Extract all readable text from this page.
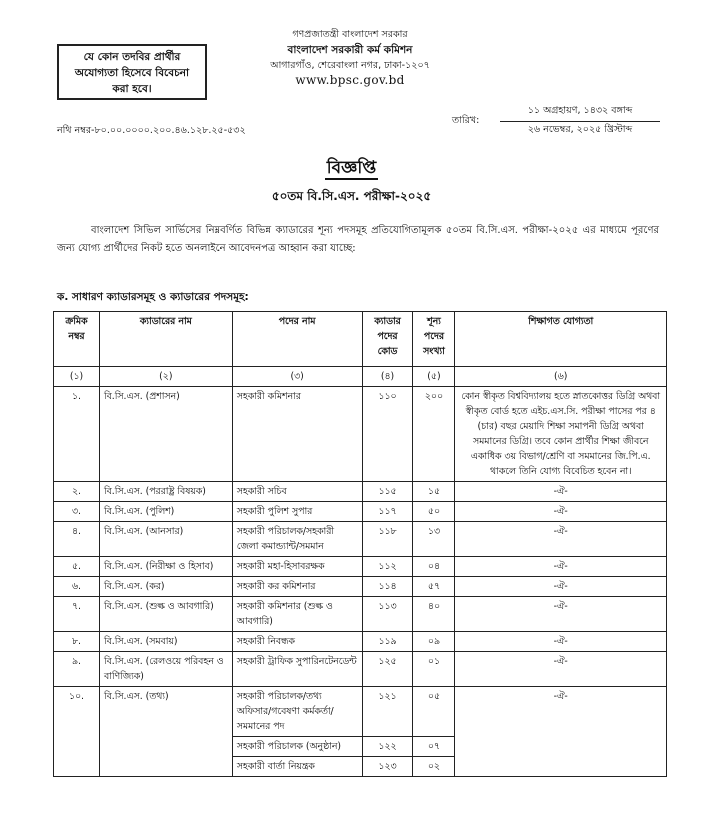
যে কোন তদবির প্রার্থীর
অযোগ্যতা হিসেবে বিবেচনা
করা হবে।
গণপ্রজাতন্ত্রী বাংলাদেশ সরকার
বাংলাদেশ সরকারী কর্ম কমিশন
আগারগাঁও, শেরেবাংলা নগর, ঢাকা-১২০৭
www.bpsc.gov.bd
তারিখ:
১১ অগ্রহায়ণ, ১৪৩২ বঙ্গাব্দ
২৬ নভেম্বর, ২০২৫ খ্রিস্টাব্দ
নথি নম্বর-৮০.০০.০০০০.২০০.৪৬.১২৮.২৫-৫৩২
বিজ্ঞপ্তি
৫০তম বি.সি.এস. পরীক্ষা-২০২৫
বাংলাদেশ সিভিল সার্ভিসের নিম্নবর্ণিত বিভিন্ন ক্যাডারের শূন্য পদসমূহ প্রতিযোগিতামূলক ৫০তম বি.সি.এস. পরীক্ষা-২০২৫ এর মাধ্যমে পূরণের জন্য যোগ্য প্রার্থীদের নিকট হতে অনলাইনে আবেদনপত্র আহ্বান করা যাচ্ছে:
ক. সাধারণ ক্যাডারসমূহ ও ক্যাডারের পদসমূহ:
ক্রমিক নম্বর	ক্যাডারের নাম	পদের নাম	ক্যাডার পদের কোড	শূন্য পদের সংখ্যা	শিক্ষাগত যোগ্যতা
(১)	(২)	(৩)	(৪)	(৫)	(৬)
১.	বি.সি.এস. (প্রশাসন)	সহকারী কমিশনার	১১০	২০০	কোন স্বীকৃত বিশ্ববিদ্যালয় হতে স্নাতকোত্তর ডিগ্রি অথবা স্বীকৃত বোর্ড হতে এইচ.এস.সি. পরীক্ষা পাসের পর ৪ (চার) বছর মেয়াদি শিক্ষা সমাপনী ডিগ্রি অথবা সমমানের ডিগ্রি। তবে কোন প্রার্থীর শিক্ষা জীবনে একাধিক ৩য় বিভাগ/শ্রেণি বা সমমানের জি.পি.এ. থাকলে তিনি যোগ্য বিবেচিত হবেন না।
২.	বি.সি.এস. (পররাষ্ট্র বিষয়ক)	সহকারী সচিব	১১৫	১৫	-ঐ-
৩.	বি.সি.এস. (পুলিশ)	সহকারী পুলিশ সুপার	১১৭	৫০	-ঐ-
৪.	বি.সি.এস. (আনসার)	সহকারী পরিচালক/সহকারী জেলা কমান্ড্যান্ট/সমমান	১১৮	১৩	-ঐ-
৫.	বি.সি.এস. (নিরীক্ষা ও হিসাব)	সহকারী মহা-হিসাবরক্ষক	১১২	০৪	-ঐ-
৬.	বি.সি.এস. (কর)	সহকারী কর কমিশনার	১১৪	৫৭	-ঐ-
৭.	বি.সি.এস. (শুল্ক ও আবগারি)	সহকারী কমিশনার (শুল্ক ও আবগারি)	১১৩	৪০	-ঐ-
৮.	বি.সি.এস. (সমবায়)	সহকারী নিবন্ধক	১১৯	০৯	-ঐ-
৯.	বি.সি.এস. (রেলওয়ে পরিবহন ও বাণিজ্যিক)	সহকারী ট্রাফিক সুপারিনটেনডেন্ট	১২৫	০১	-ঐ-
১০.	বি.সি.এস. (তথ্য)	সহকারী পরিচালক/তথ্য অফিসার/গবেষণা কর্মকর্তা/সমমানের পদ	১২১	০৫	-ঐ-
		সহকারী পরিচালক (অনুষ্ঠান)	১২২	০৭	
		সহকারী বার্তা নিয়ন্ত্রক	১২৩	০২	
